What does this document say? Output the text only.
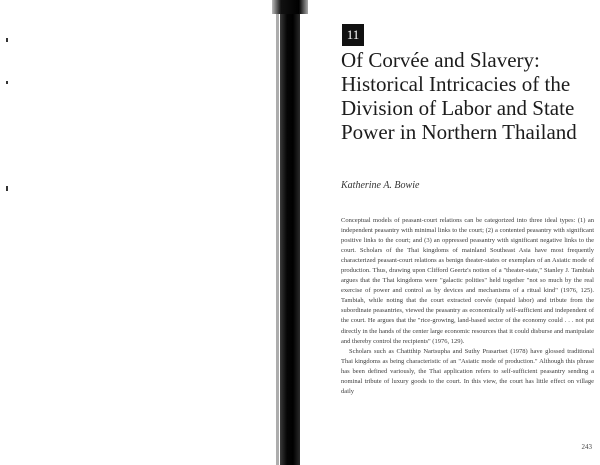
11
Of Corvée and Slavery: Historical Intricacies of the Division of Labor and State Power in Northern Thailand
Katherine A. Bowie

Conceptual models of peasant-court relations can be categorized into three ideal types: (1) an independent peasantry with minimal links to the court; (2) a contented peasantry with significant positive links to the court; and (3) an oppressed peasantry with significant negative links to the court. Scholars of the Thai kingdoms of mainland Southeast Asia have most frequently characterized peasant-court relations as benign theater-states or exemplars of an Asiatic mode of production. Thus, drawing upon Clifford Geertz's notion of a "theater-state," Stanley J. Tambiah argues that the Thai kingdoms were "galactic polities" held together "not so much by the real exercise of power and control as by devices and mechanisms of a ritual kind" (1976, 125). Tambiah, while noting that the court extracted corvée (unpaid labor) and tribute from the subordinate peasantries, viewed the peasantry as economically self-sufficient and independent of the court. He argues that the "rice-growing, land-based sector of the economy could . . . not put directly in the hands of the center large economic resources that it could disburse and manipulate and thereby control the recipients" (1976, 129).

Scholars such as Chattthip Nartsupha and Suthy Prasartset (1978) have glossed traditional Thai kingdoms as being characteristic of an "Asiatic mode of production." Although this phrase has been defined variously, the Thai application refers to self-sufficient peasantry sending a nominal tribute of luxury goods to the court. In this view, the court has little effect on village daily

243
